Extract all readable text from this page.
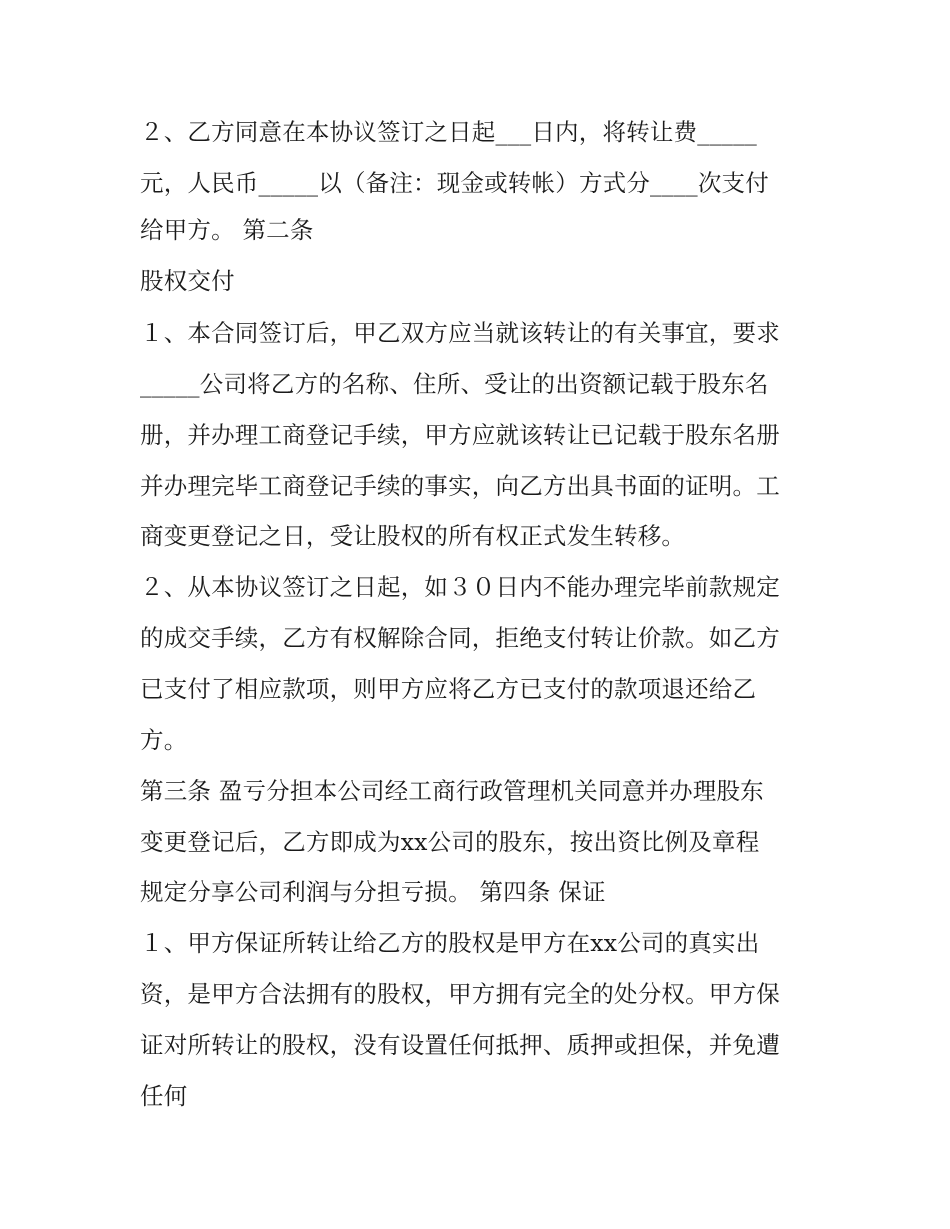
２、乙方同意在本协议签订之日起___日内，将转让费_____

元，人民币_____以（备注：现金或转帐）方式分____次支付

给甲方。 第二条

股权交付

１、本合同签订后，甲乙双方应当就该转让的有关事宜，要求

_____公司将乙方的名称、住所、受让的出资额记载于股东名

册，并办理工商登记手续，甲方应就该转让已记载于股东名册

并办理完毕工商登记手续的事实，向乙方出具书面的证明。工

商变更登记之日，受让股权的所有权正式发生转移。

２、从本协议签订之日起，如３０日内不能办理完毕前款规定

的成交手续，乙方有权解除合同，拒绝支付转让价款。如乙方

已支付了相应款项，则甲方应将乙方已支付的款项退还给乙

方。

第三条 盈亏分担本公司经工商行政管理机关同意并办理股东

变更登记后，乙方即成为xx公司的股东，按出资比例及章程

规定分享公司利润与分担亏损。 第四条 保证

１、甲方保证所转让给乙方的股权是甲方在xx公司的真实出

资，是甲方合法拥有的股权，甲方拥有完全的处分权。甲方保

证对所转让的股权，没有设置任何抵押、质押或担保，并免遭

任何
